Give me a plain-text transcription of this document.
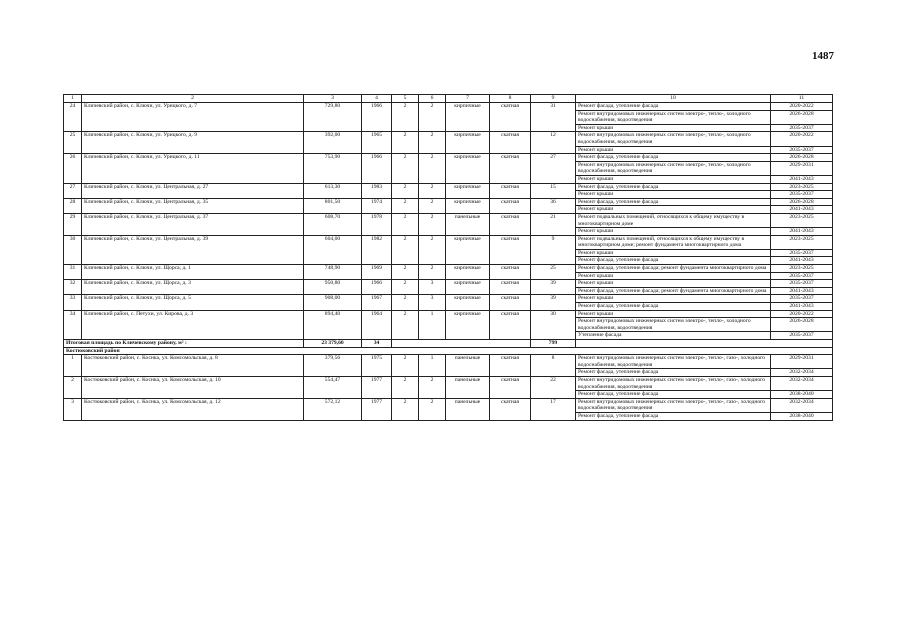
1487
1	2	3	4	5	6	7	8	9	10	11
24	Кличевский район, с. Ключи, ул. Урицкого, д. 7	729,80	1966	2	2	кирпичные	скатная	31	Ремонт фасада, утепление фасада	2020-2022
									Ремонт внутридомовых инженерных систем электро-, тепло-, холодного водоснабжения, водоотведения	2026-2028
									Ремонт крыши	2035-2037
25	Кличевский район, с. Ключи, ул. Урицкого, д. 9	392,00	1965	2	2	кирпичные	скатная	12	Ремонт внутридомовых инженерных систем электро-, тепло-, холодного водоснабжения, водоотведения	2020-2022
									Ремонт крыши	2035-2037
26	Кличевский район, с. Ключи, ул. Урицкого, д. 11	753,90	1966	2	2	кирпичные	скатная	27	Ремонт фасада, утепление фасада	2026-2028
									Ремонт внутридомовых инженерных систем электро-, тепло-, холодного водоснабжения, водоотведения	2029-2031
									Ремонт крыши	2041-2043
27	Кличевский район, с. Ключи, ул. Центральная, д. 27	613,30	1983	2	2	кирпичные	скатная	15	Ремонт фасада, утепление фасада	2023-2025
									Ремонт крыши	2035-2037
28	Кличевский район, с. Ключи, ул. Центральная, д. 35	801,50	1974	2	2	кирпичные	скатная	36	Ремонт фасада, утепление фасада	2026-2028
									Ремонт крыши	2041-2043
29	Кличевский район, с. Ключи, ул. Центральная, д. 37	608,70	1978	2	2	панельные	скатная	21	Ремонт подвальных помещений, относящихся к общему имуществу в многоквартирном доме	2023-2025
									Ремонт крыши	2041-2043
30	Кличевский район, с. Ключи, ул. Центральная, д. 39	604,00	1982	2	2	кирпичные	скатная	9	Ремонт подвальных помещений, относящихся к общему имуществу в многоквартирном доме; ремонт фундамента многоквартирного дома	2023-2025
									Ремонт крыши	2035-2037
									Ремонт фасада, утепление фасада	2041-2043
31	Кличевский район, с. Ключи, ул. Щорса, д. 1	748,90	1969	2	2	кирпичные	скатная	25	Ремонт фасада, утепление фасада; ремонт фундамента многоквартирного дома	2023-2025
									Ремонт крыши	2035-2037
32	Кличевский район, с. Ключи, ул. Щорса, д. 3	950,80	1966	2	3	кирпичные	скатная	39	Ремонт крыши	2035-2037
									Ремонт фасада, утепление фасада; ремонт фундамента многоквартирного дома	2041-2043
33	Кличевский район, с. Ключи, ул. Щорса, д. 5	908,00	1967	2	3	кирпичные	скатная	39	Ремонт крыши	2035-2037
									Ремонт фасада, утепление фасада	2041-2043
34	Кличевский район, с. Петухи, ул. Кирова, д. 3	894,40	1964	2	1	кирпичные	скатная	30	Ремонт крыши	2020-2022
									Ремонт внутридомовых инженерных систем электро-, тепло-, холодного водоснабжения, водоотведения	2026-2028
									Утепление фасада	2035-2037
Итоговая площадь по Кличевскому району, м² :		23 379,60	34					799		
Костюковский район										
1	Костюковский район, с. Коснка, ул. Комсомольская, д. 8	379,56	1975	2	1	панельные	скатная	8	Ремонт внутридомовых инженерных систем электро-, тепло-, газо-, холодного водоснабжения, водоотведения	2029-2031
									Ремонт фасада, утепление фасада	2032-2034
2	Костюковский район, с. Коснка, ул. Комсомольская, д. 10	554,47	1977	2	2	панельные	скатная	22	Ремонт внутридомовых инженерных систем электро-, тепло-, газо-, холодного водоснабжения, водоотведения	2032-2034
									Ремонт фасада, утепление фасада	2038-2040
3	Костюковский район, с. Коснка, ул. Комсомольская, д. 12	572,12	1977	2	2	панельные	скатная	17	Ремонт внутридомовых инженерных систем электро-, тепло-, газо-, холодного водоснабжения, водоотведения	2032-2034
									Ремонт фасада, утепление фасада	2038-2040
